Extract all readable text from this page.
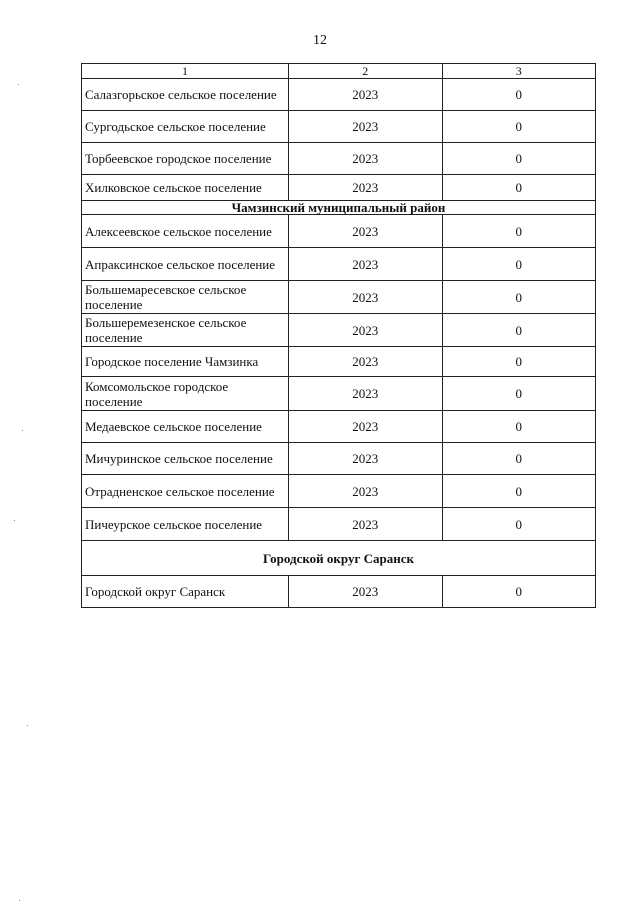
12
1	2	3
Салазгорьское сельское поселение	2023	0
Сургодьское сельское поселение	2023	0
Торбеевское городское поселение	2023	0
Хилковское сельское поселение	2023	0
Чамзинский муниципальный район		
Алексеевское сельское поселение	2023	0
Апраксинское сельское поселение	2023	0
Большемаресевское сельское поселение	2023	0
Большеремезенское сельское поселение	2023	0
Городское поселение Чамзинка	2023	0
Комсомольское городское поселение	2023	0
Медаевское сельское поселение	2023	0
Мичуринское сельское поселение	2023	0
Отрадненское сельское поселение	2023	0
Пичеурское сельское поселение	2023	0
Городской округ Саранск		
Городской округ Саранск	2023	0
